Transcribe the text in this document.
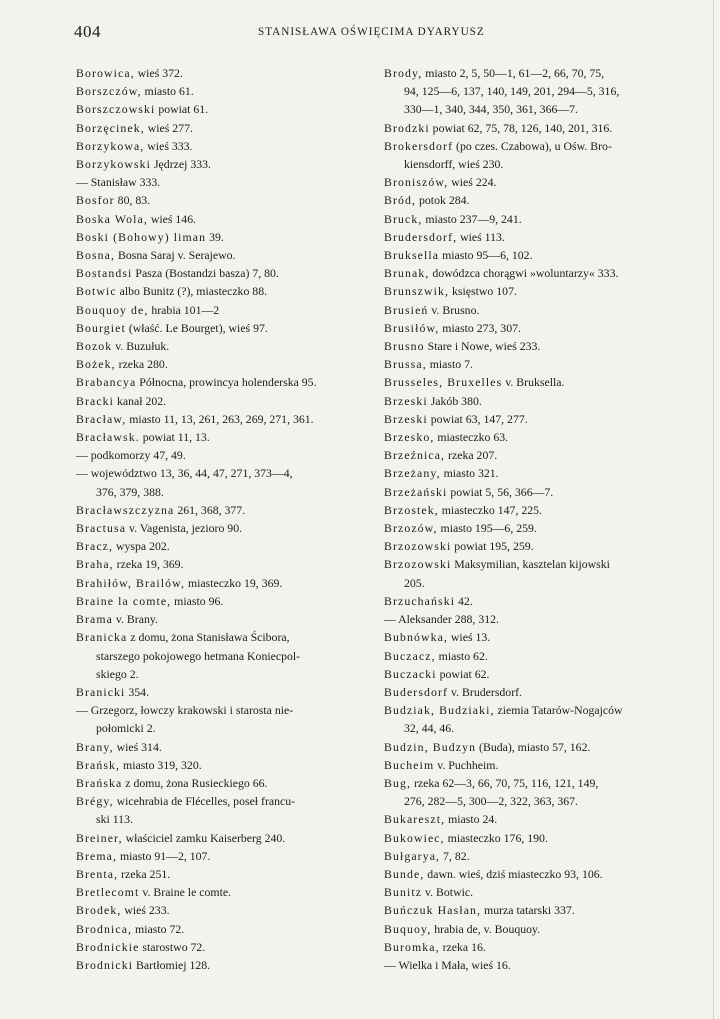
404	STANISŁAWA OŚWIĘCIMA DYARYUSZ
Borowica, wieś 372.
Borszczów, miasto 61.
Borszczowski powiat 61.
Borzęcinek, wieś 277.
Borzykowa, wieś 333.
Borzykowski Jędrzej 333.
— Stanisław 333.
Bosfor 80, 83.
Boska Wola, wieś 146.
Boski (Bohowy) liman 39.
Bosna, Bosna Saraj v. Serajewo.
Bostandsi Pasza (Bostandzi basza) 7, 80.
Botwic albo Bunitz (?), miasteczko 88.
Bouquoy de, hrabia 101—2
Bourgiet (właść. Le Bourget), wieś 97.
Bozok v. Buzułuk.
Bożek, rzeka 280.
Brabancya Północna, prowincya holenderska 95.
Bracki kanał 202.
Bracław, miasto 11, 13, 261, 263, 269, 271, 361.
Bracławsk. powiat 11, 13.
— podkomorzy 47, 49.
— województwo 13, 36, 44, 47, 271, 373—4,
376, 379, 388.
Bracławszczyzna 261, 368, 377.
Bractusa v. Vagenista, jezioro 90.
Bracz, wyspa 202.
Braha, rzeka 19, 369.
Brahiłów, Brailów, miasteczko 19, 369.
Braine la comte, miasto 96.
Brama v. Brany.
Branicka z domu, żona Stanisława Ścibora,
starszego pokojowego hetmana Koniecpol-
skiego 2.
Branicki 354.
— Grzegorz, łowczy krakowski i starosta nie-
połomicki 2.
Brany, wieś 314.
Brańsk, miasto 319, 320.
Brańska z domu, żona Rusieckiego 66.
Brégy, wicehrabia de Flécelles, poseł francu-
ski 113.
Breiner, właściciel zamku Kaiserberg 240.
Brema, miasto 91—2, 107.
Brenta, rzeka 251.
Bretlecomt v. Braine le comte.
Brodek, wieś 233.
Brodnica, miasto 72.
Brodnickie starostwo 72.
Brodnicki Bartłomiej 128.
Brody, miasto 2, 5, 50—1, 61—2, 66, 70, 75,
94, 125—6, 137, 140, 149, 201, 294—5, 316,
330—1, 340, 344, 350, 361, 366—7.
Brodzki powiat 62, 75, 78, 126, 140, 201, 316.
Brokersdorf (po czes. Czabowa), u Ośw. Bro-
kiensdorff, wieś 230.
Broniszów, wieś 224.
Bród, potok 284.
Bruck, miasto 237—9, 241.
Brudersdorf, wieś 113.
Bruksella miasto 95—6, 102.
Brunak, dowódzca chorągwi »woluntarzy« 333.
Brunszwik, księstwo 107.
Brusień v. Brusno.
Brusiłów, miasto 273, 307.
Brusno Stare i Nowe, wieś 233.
Brussa, miasto 7.
Brusseles, Bruxelles v. Bruksella.
Brzeski Jakób 380.
Brzeski powiat 63, 147, 277.
Brzesko, miasteczko 63.
Brzeźnica, rzeka 207.
Brzeżany, miasto 321.
Brzeżański powiat 5, 56, 366—7.
Brzostek, miasteczko 147, 225.
Brzozów, miasto 195—6, 259.
Brzozowski powiat 195, 259.
Brzozowski Maksymilian, kasztelan kijowski
205.
Brzuchański 42.
— Aleksander 288, 312.
Bubnówka, wieś 13.
Buczacz, miasto 62.
Buczacki powiat 62.
Budersdorf v. Brudersdorf.
Budziak, Budziaki, ziemia Tatarów-Nogajców
32, 44, 46.
Budzin, Budzyn (Buda), miasto 57, 162.
Bucheim v. Puchheim.
Bug, rzeka 62—3, 66, 70, 75, 116, 121, 149,
276, 282—5, 300—2, 322, 363, 367.
Bukareszt, miasto 24.
Bukowiec, miasteczko 176, 190.
Bułgarya, 7, 82.
Bunde, dawn. wieś, dziś miasteczko 93, 106.
Bunitz v. Botwic.
Buńczuk Hasłan, murza tatarski 337.
Buquoy, hrabia de, v. Bouquoy.
Buromka, rzeka 16.
— Wielka i Mała, wieś 16.
